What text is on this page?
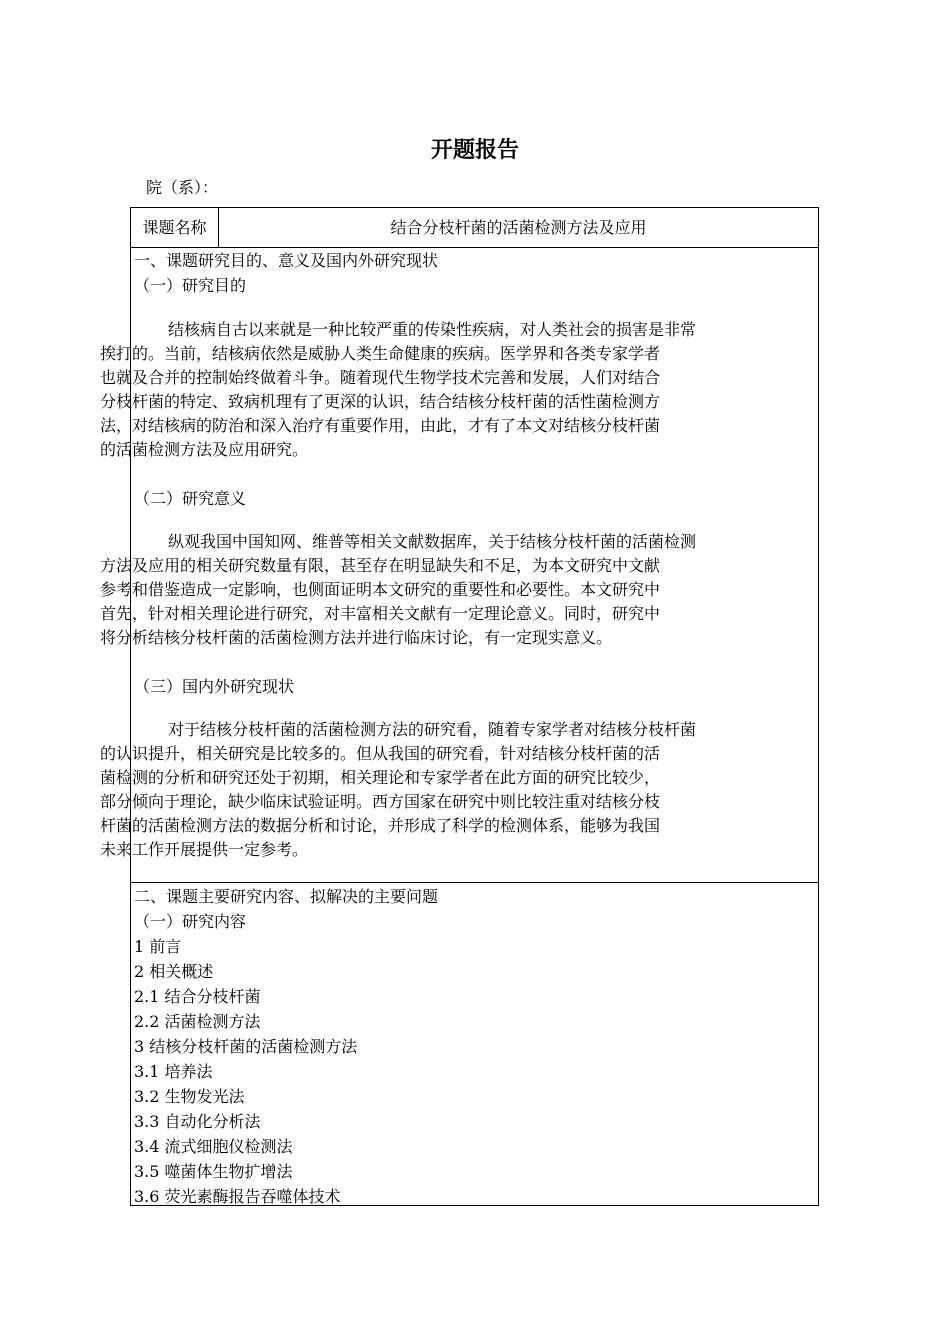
开题报告
院（系）：
课题名称	结合分枝杆菌的活菌检测方法及应用
一、课题研究目的、意义及国内外研究现状
（一）研究目的
结核病自古以来就是一种比较严重的传染性疾病，对人类社会的损害是非常
挨打的。当前，结核病依然是威胁人类生命健康的疾病。医学界和各类专家学者
也就及合并的控制始终做着斗争。随着现代生物学技术完善和发展，人们对结合
分枝杆菌的特定、致病机理有了更深的认识，结合结核分枝杆菌的活性菌检测方
法，对结核病的防治和深入治疗有重要作用，由此，才有了本文对结核分枝杆菌
的活菌检测方法及应用研究。
（二）研究意义
纵观我国中国知网、维普等相关文献数据库，关于结核分枝杆菌的活菌检测
方法及应用的相关研究数量有限，甚至存在明显缺失和不足，为本文研究中文献
参考和借鉴造成一定影响，也侧面证明本文研究的重要性和必要性。本文研究中
首先，针对相关理论进行研究，对丰富相关文献有一定理论意义。同时，研究中
将分析结核分枝杆菌的活菌检测方法并进行临床讨论，有一定现实意义。
（三）国内外研究现状
对于结核分枝杆菌的活菌检测方法的研究看，随着专家学者对结核分枝杆菌
的认识提升，相关研究是比较多的。但从我国的研究看，针对结核分枝杆菌的活
菌检测的分析和研究还处于初期，相关理论和专家学者在此方面的研究比较少，
部分倾向于理论，缺少临床试验证明。西方国家在研究中则比较注重对结核分枝
杆菌的活菌检测方法的数据分析和讨论，并形成了科学的检测体系，能够为我国
未来工作开展提供一定参考。
二、课题主要研究内容、拟解决的主要问题
（一）研究内容
1 前言
2 相关概述
2.1 结合分枝杆菌
2.2 活菌检测方法
3 结核分枝杆菌的活菌检测方法
3.1 培养法
3.2 生物发光法
3.3 自动化分析法
3.4 流式细胞仪检测法
3.5 噬菌体生物扩增法
3.6 荧光素酶报告吞噬体技术
